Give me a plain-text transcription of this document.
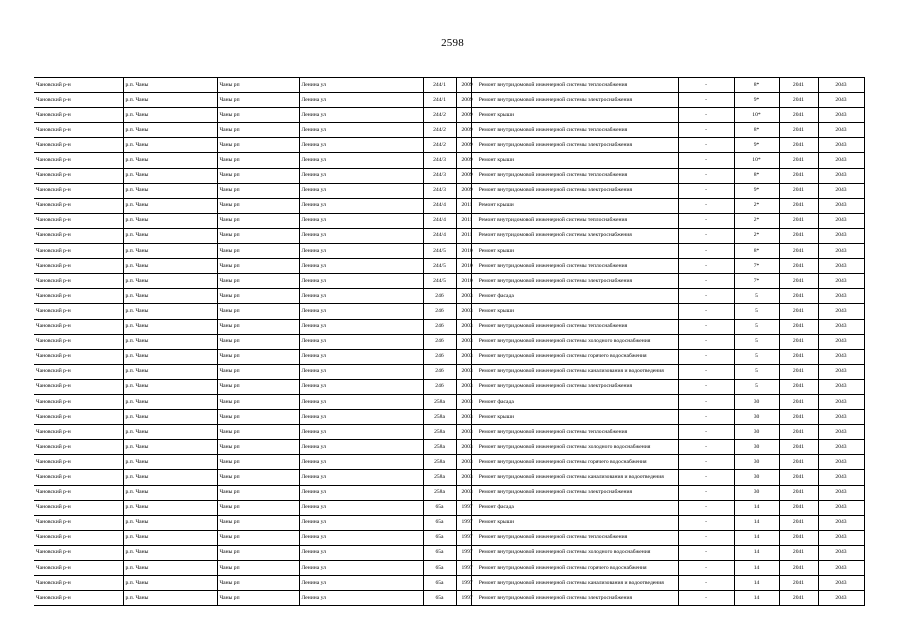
2598
Чановский р-н	р.п. Чаны	Чаны рп	Ленина ул	244/1		2009 Ремонт внутридомовой инженерной системы теплоснабжения	-	8*	2041	2043
Чановский р-н	р.п. Чаны	Чаны рп	Ленина ул	244/1		2009 Ремонт внутридомовой инженерной системы электроснабжения	-	9*	2041	2043
Чановский р-н	р.п. Чаны	Чаны рп	Ленина ул	244/2		2009 Ремонт крыши	-	10*	2041	2043
Чановский р-н	р.п. Чаны	Чаны рп	Ленина ул	244/2		2009 Ремонт внутридомовой инженерной системы теплоснабжения	-	8*	2041	2043
Чановский р-н	р.п. Чаны	Чаны рп	Ленина ул	244/2		2009 Ремонт внутридомовой инженерной системы электроснабжения	-	9*	2041	2043
Чановский р-н	р.п. Чаны	Чаны рп	Ленина ул	244/3		2009 Ремонт крыши	-	10*	2041	2043
Чановский р-н	р.п. Чаны	Чаны рп	Ленина ул	244/3		2009 Ремонт внутридомовой инженерной системы теплоснабжения	-	8*	2041	2043
Чановский р-н	р.п. Чаны	Чаны рп	Ленина ул	244/3		2009 Ремонт внутридомовой инженерной системы электроснабжения	-	9*	2041	2043
Чановский р-н	р.п. Чаны	Чаны рп	Ленина ул	244/4		2011 Ремонт крыши	-	2*	2041	2043
Чановский р-н	р.п. Чаны	Чаны рп	Ленина ул	244/4		2011 Ремонт внутридомовой инженерной системы теплоснабжения	-	2*	2041	2043
Чановский р-н	р.п. Чаны	Чаны рп	Ленина ул	244/4		2011 Ремонт внутридомовой инженерной системы электроснабжения	-	2*	2041	2043
Чановский р-н	р.п. Чаны	Чаны рп	Ленина ул	244/5		2010 Ремонт крыши	-	8*	2041	2043
Чановский р-н	р.п. Чаны	Чаны рп	Ленина ул	244/5		2010 Ремонт внутридомовой инженерной системы теплоснабжения	-	7*	2041	2043
Чановский р-н	р.п. Чаны	Чаны рп	Ленина ул	244/5		2010 Ремонт внутридомовой инженерной системы электроснабжения	-	7*	2041	2043
Чановский р-н	р.п. Чаны	Чаны рп	Ленина ул	246		2003 Ремонт фасада	-	5	2041	2043
Чановский р-н	р.п. Чаны	Чаны рп	Ленина ул	246		2003 Ремонт крыши	-	5	2041	2043
Чановский р-н	р.п. Чаны	Чаны рп	Ленина ул	246		2003 Ремонт внутридомовой инженерной системы теплоснабжения	-	5	2041	2043
Чановский р-н	р.п. Чаны	Чаны рп	Ленина ул	246		2003 Ремонт внутридомовой инженерной системы холодного водоснабжения	-	5	2041	2043
Чановский р-н	р.п. Чаны	Чаны рп	Ленина ул	246		2003 Ремонт внутридомовой инженерной системы горячего водоснабжения	-	5	2041	2043
Чановский р-н	р.п. Чаны	Чаны рп	Ленина ул	246		2003 Ремонт внутридомовой инженерной системы канализования и водоотведения	-	5	2041	2043
Чановский р-н	р.п. Чаны	Чаны рп	Ленина ул	246		2003 Ремонт внутридомовой инженерной системы электроснабжения	-	5	2041	2043
Чановский р-н	р.п. Чаны	Чаны рп	Ленина ул	258а		2003 Ремонт фасада	-	30	2041	2043
Чановский р-н	р.п. Чаны	Чаны рп	Ленина ул	258а		2003 Ремонт крыши	-	30	2041	2043
Чановский р-н	р.п. Чаны	Чаны рп	Ленина ул	258а		2003 Ремонт внутридомовой инженерной системы теплоснабжения	-	30	2041	2043
Чановский р-н	р.п. Чаны	Чаны рп	Ленина ул	258а		2003 Ремонт внутридомовой инженерной системы холодного водоснабжения	-	30	2041	2043
Чановский р-н	р.п. Чаны	Чаны рп	Ленина ул	258а		2003 Ремонт внутридомовой инженерной системы горячего водоснабжения	-	30	2041	2043
Чановский р-н	р.п. Чаны	Чаны рп	Ленина ул	258а		2003 Ремонт внутридомовой инженерной системы канализования и водоотведения	-	30	2041	2043
Чановский р-н	р.п. Чаны	Чаны рп	Ленина ул	258а		2003 Ремонт внутридомовой инженерной системы электроснабжения	-	30	2041	2043
Чановский р-н	р.п. Чаны	Чаны рп	Ленина ул	65а		1997 Ремонт фасада	-	14	2041	2043
Чановский р-н	р.п. Чаны	Чаны рп	Ленина ул	65а		1997 Ремонт крыши	-	14	2041	2043
Чановский р-н	р.п. Чаны	Чаны рп	Ленина ул	65а		1997 Ремонт внутридомовой инженерной системы теплоснабжения	-	14	2041	2043
Чановский р-н	р.п. Чаны	Чаны рп	Ленина ул	65а		1997 Ремонт внутридомовой инженерной системы холодного водоснабжения	-	14	2041	2043
Чановский р-н	р.п. Чаны	Чаны рп	Ленина ул	65а		1997 Ремонт внутридомовой инженерной системы горячего водоснабжения	-	14	2041	2043
Чановский р-н	р.п. Чаны	Чаны рп	Ленина ул	65а		1997 Ремонт внутридомовой инженерной системы канализования и водоотведения	-	14	2041	2043
Чановский р-н	р.п. Чаны	Чаны рп	Ленина ул	65а		1997 Ремонт внутридомовой инженерной системы электроснабжения	-	14	2041	2043
